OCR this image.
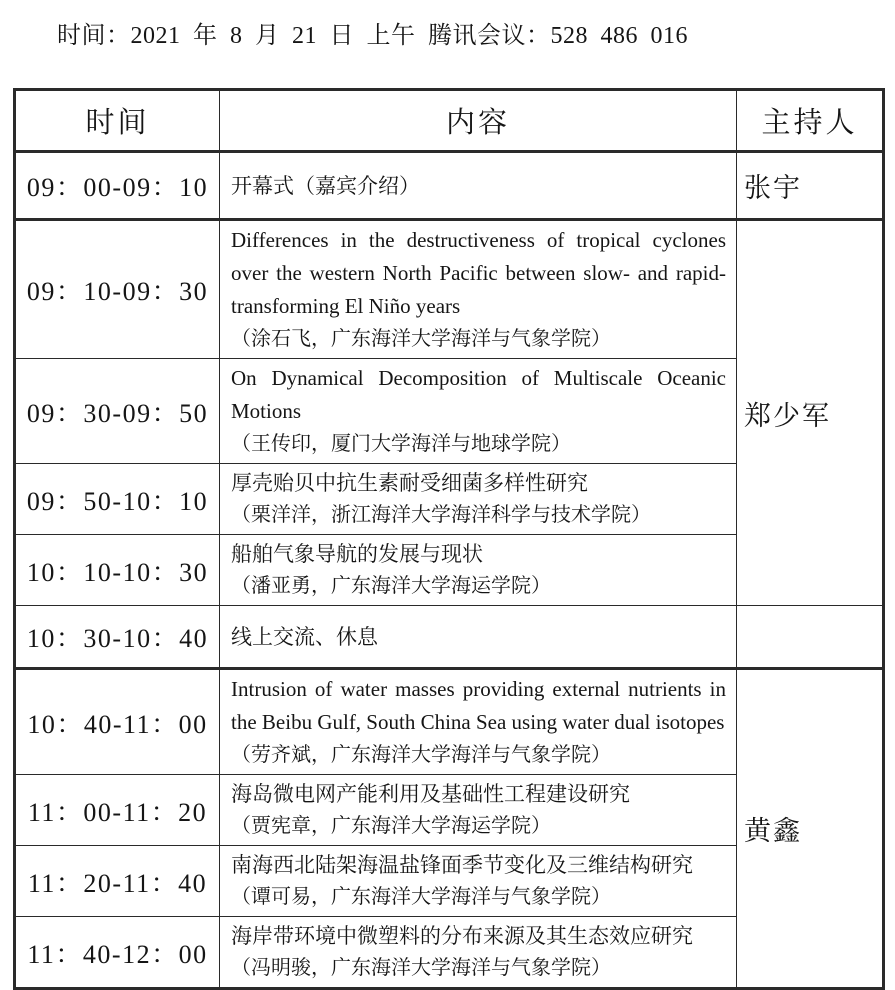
时间：2021 年 8 月 21 日 上午 腾讯会议：528 486 016
时间	内容	主持人
09：00-09：10	开幕式（嘉宾介绍）	张宇
09：10-09：30	Differences in the destructiveness of tropical cyclones over the western North Pacific between slow- and rapid-transforming El Niño years
（涂石飞，广东海洋大学海洋与气象学院）	郑少军
09：30-09：50	On Dynamical Decomposition of Multiscale Oceanic Motions
（王传印，厦门大学海洋与地球学院）	

09：50-10：10	厚壳贻贝中抗生素耐受细菌多样性研究
（栗洋洋，浙江海洋大学海洋科学与技术学院）	

10：10-10：30	船舶气象导航的发展与现状
（潘亚勇，广东海洋大学海运学院）	

10：30-10：40	线上交流、休息	

10：40-11：00	Intrusion of water masses providing external nutrients in the Beibu Gulf, South China Sea using water dual isotopes
（劳齐斌，广东海洋大学海洋与气象学院）	黄鑫
11：00-11：20	海岛微电网产能利用及基础性工程建设研究
（贾宪章，广东海洋大学海运学院）	

11：20-11：40	南海西北陆架海温盐锋面季节变化及三维结构研究
（谭可易，广东海洋大学海洋与气象学院）	

11：40-12：00	海岸带环境中微塑料的分布来源及其生态效应研究
（冯明骏，广东海洋大学海洋与气象学院）	
